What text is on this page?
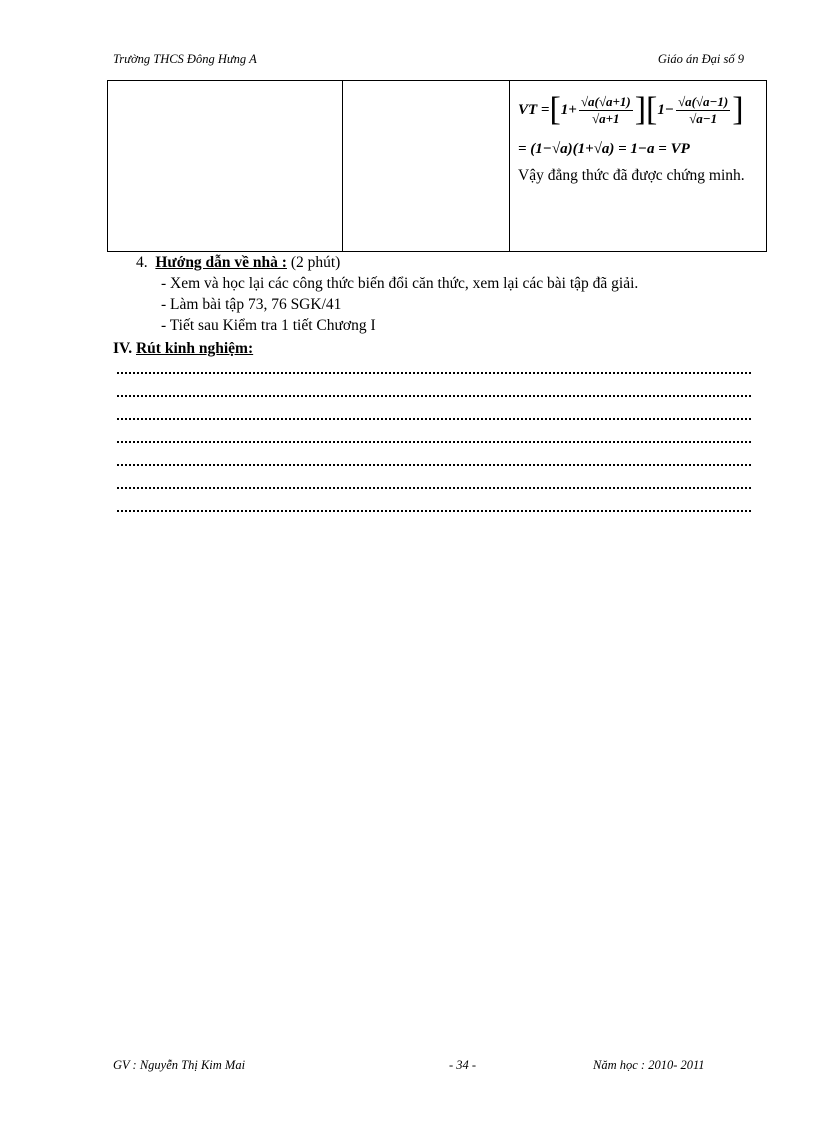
Trường THCS Đông Hưng A	Giáo án Đại số 9

VT = [ $1+ \frac{√a(√a+1)}{√a+1}$ ] [ $1- \frac{√a(√a-1)}{√a-1}$ ]
= (1−√a)(1+√a) = 1−a = VP
Vậy đẳng thức đã được chứng minh.
4. Hướng dẫn về nhà : (2 phút)
- Xem và học lại các công thức biến đổi căn thức, xem lại các bài tập đã giải.
- Làm bài tập 73, 76 SGK/41
- Tiết sau Kiểm tra 1 tiết Chương I
IV. Rút kinh nghiệm:
GV : Nguyễn Thị Kim Mai	- 34 -	Năm học : 2010- 2011
